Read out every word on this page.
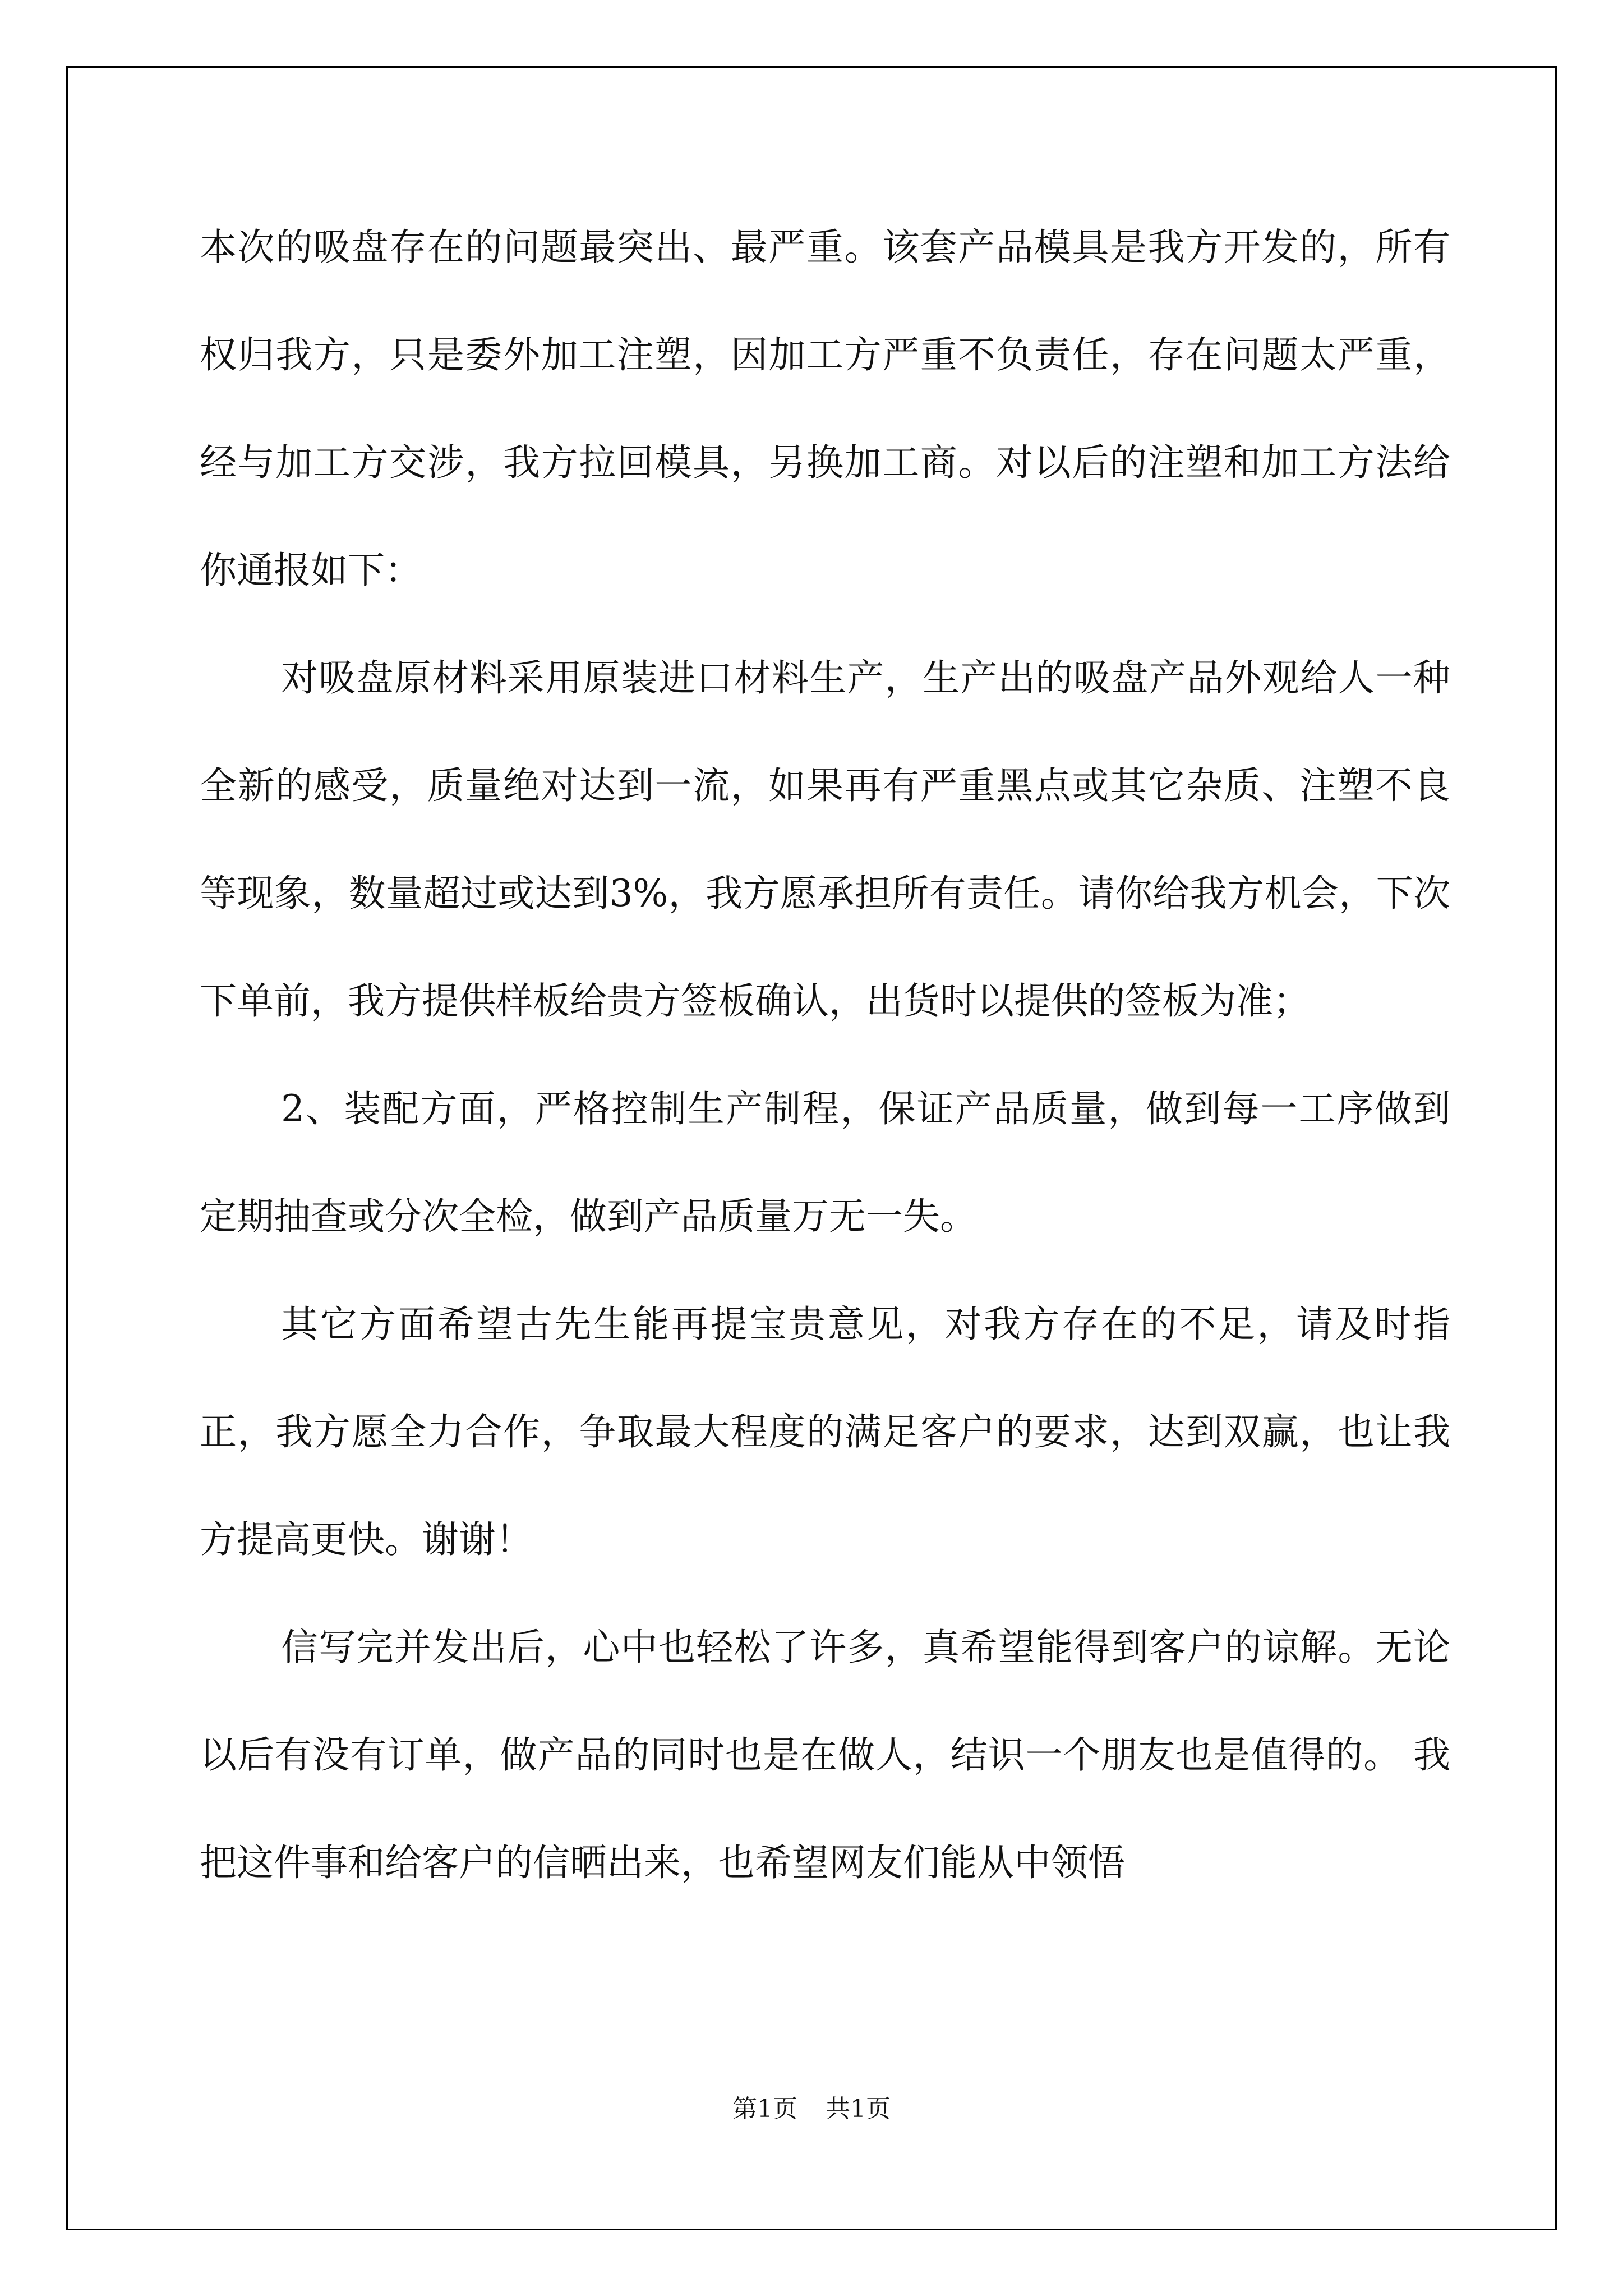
本次的吸盘存在的问题最突出、最严重。该套产品模具是我方开发的，所有权归我方，只是委外加工注塑，因加工方严重不负责任，存在问题太严重，经与加工方交涉，我方拉回模具，另换加工商。对以后的注塑和加工方法给你通报如下：

对吸盘原材料采用原装进口材料生产，生产出的吸盘产品外观给人一种全新的感受，质量绝对达到一流，如果再有严重黑点或其它杂质、注塑不良等现象，数量超过或达到3%，我方愿承担所有责任。请你给我方机会，下次下单前，我方提供样板给贵方签板确认，出货时以提供的签板为准；

2、装配方面，严格控制生产制程，保证产品质量，做到每一工序做到定期抽查或分次全检，做到产品质量万无一失。

其它方面希望古先生能再提宝贵意见，对我方存在的不足，请及时指正，我方愿全力合作，争取最大程度的满足客户的要求，达到双赢，也让我方提高更快。谢谢！

信写完并发出后，心中也轻松了许多，真希望能得到客户的谅解。无论以后有没有订单，做产品的同时也是在做人，结识一个朋友也是值得的。 我把这件事和给客户的信晒出来，也希望网友们能从中领悟

第1页 共1页
